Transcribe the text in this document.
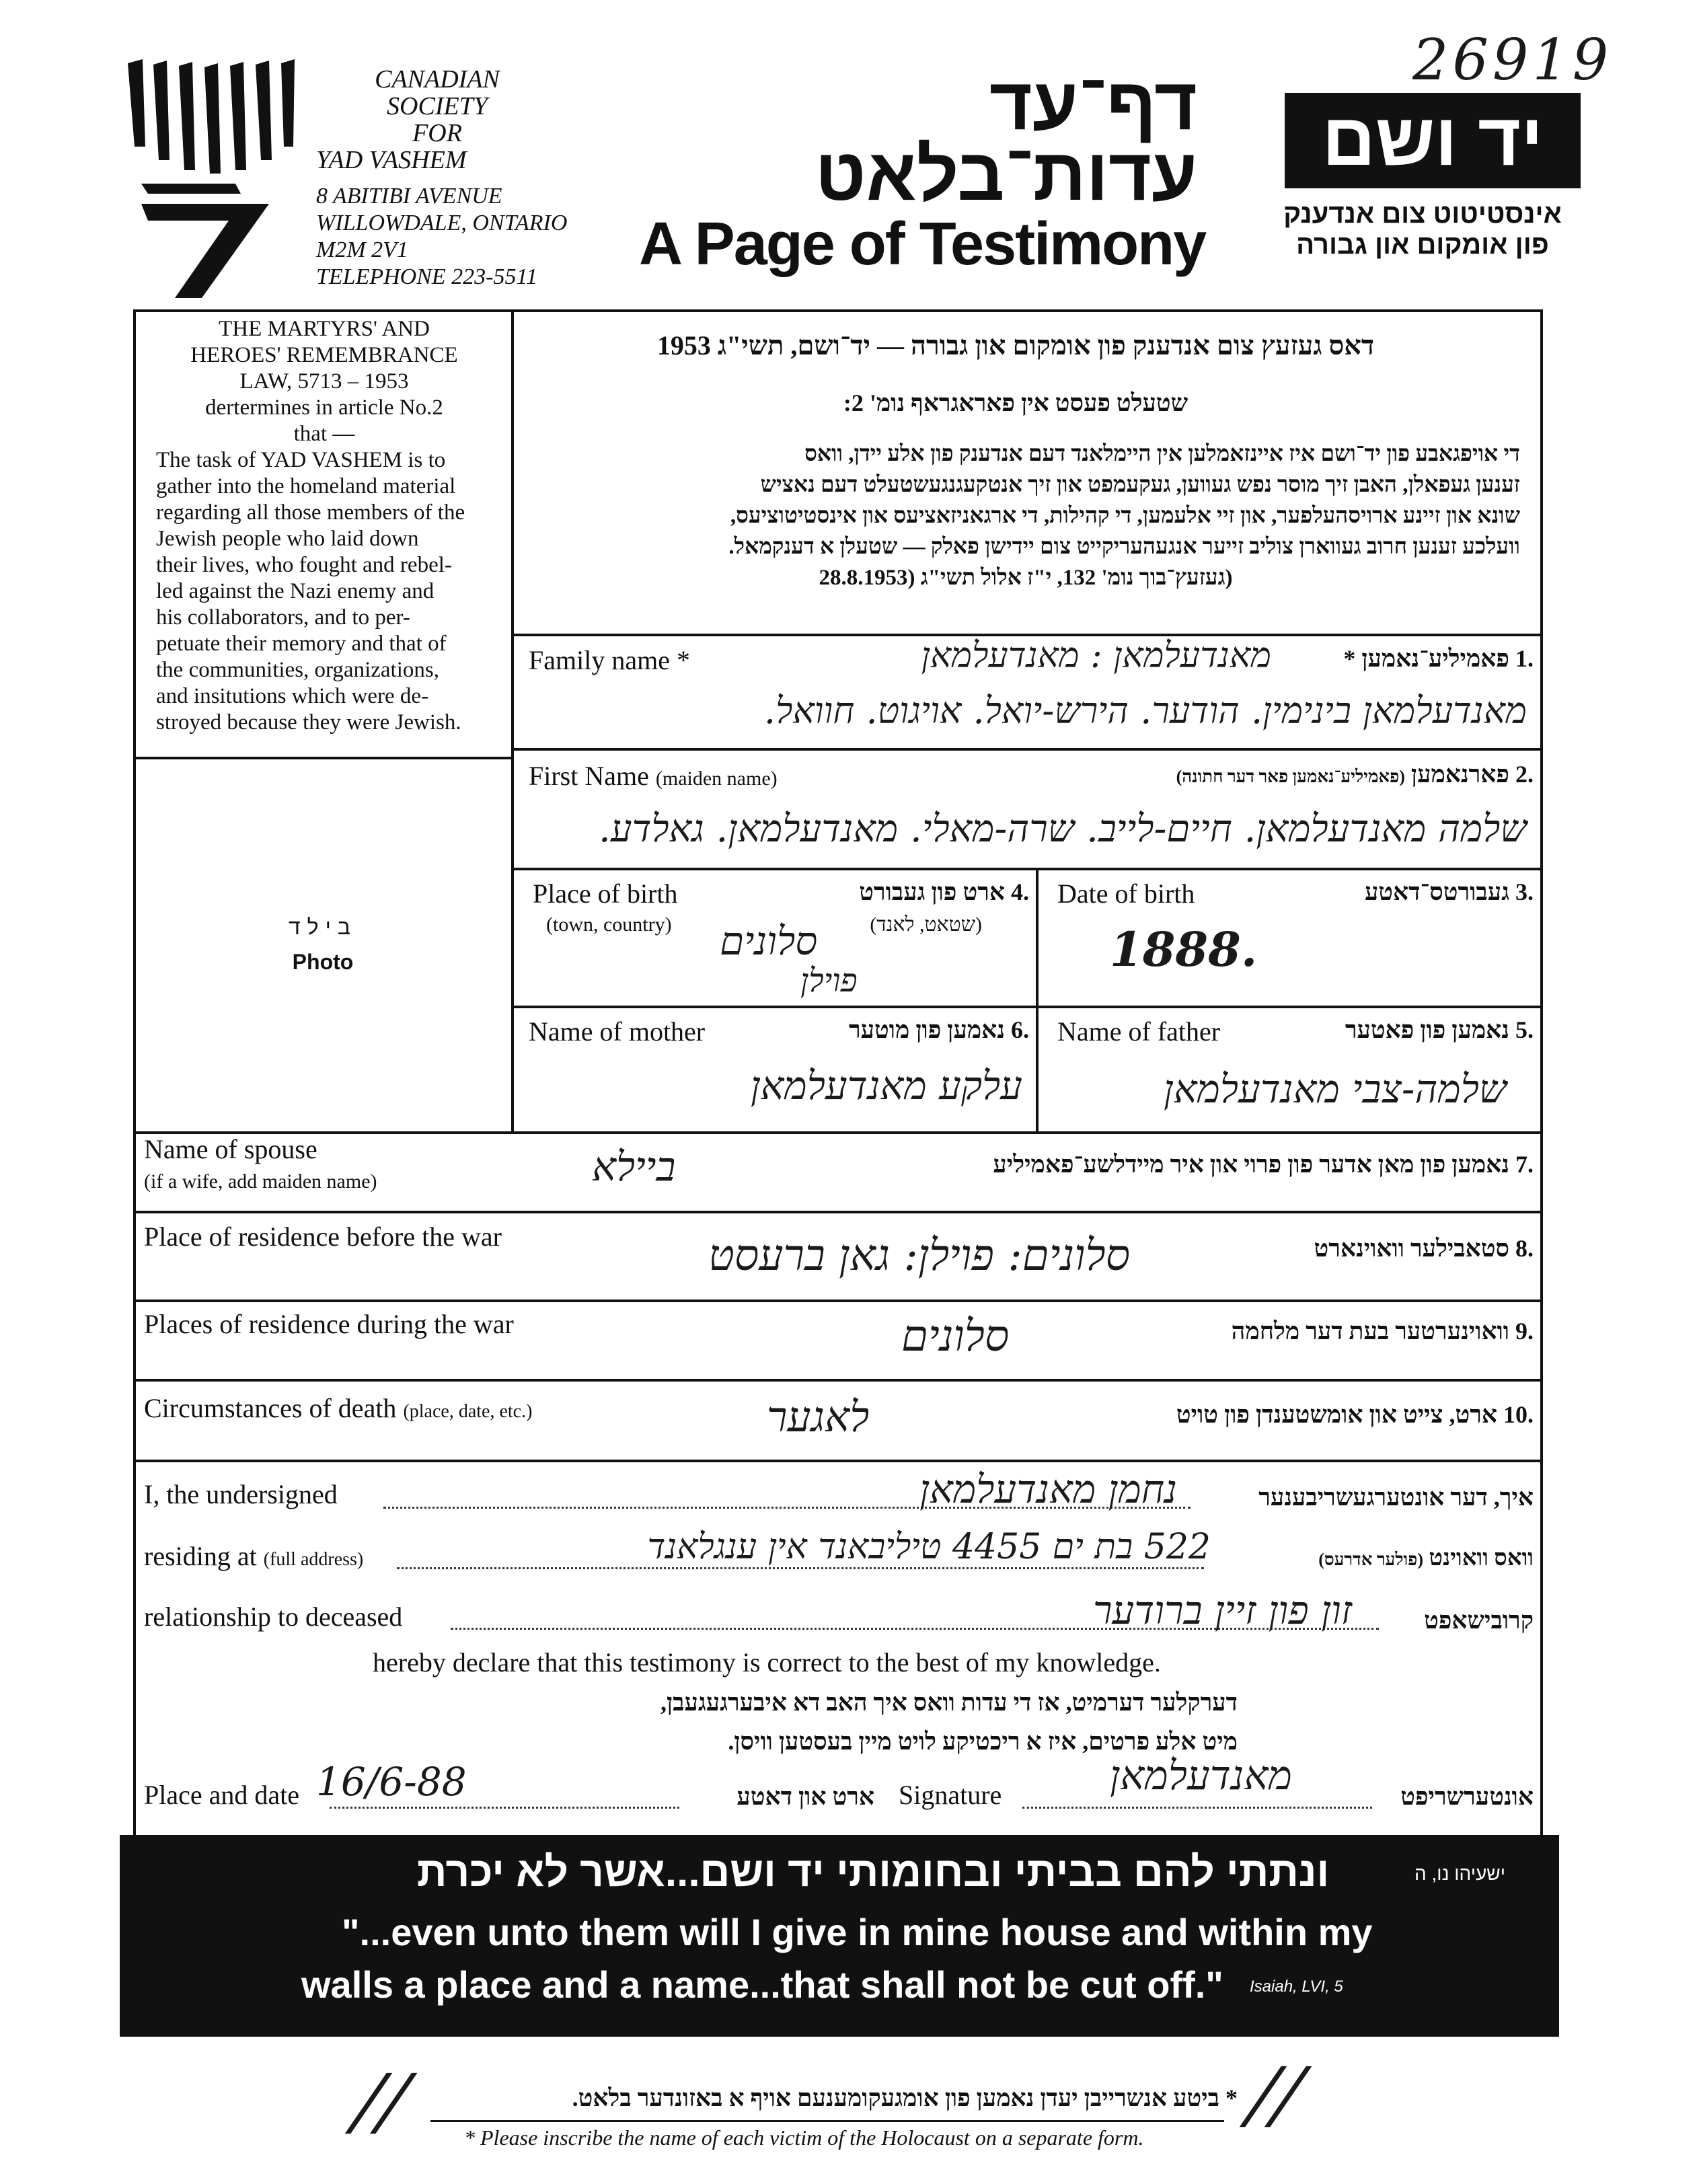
26919
CANADIAN
SOCIETY
FOR
YAD VASHEM
8 ABITIBI AVENUE
WILLOWDALE, ONTARIO
M2M 2V1
TELEPHONE 223-5511
דף־עד
עדות־בלאט
A Page of Testimony
יד ושם
אינסטיטוט צום אנדענק
פון אומקום און גבורה
THE MARTYRS' AND
HEROES' REMEMBRANCE
LAW, 5713 – 1953
dertermines in article No.2
that —
The task of YAD VASHEM is to
gather into the homeland material
regarding all those members of the
Jewish people who laid down
their lives, who fought and rebel-
led against the Nazi enemy and
his collaborators, and to per-
petuate their memory and that of
the communities, organizations,
and insitutions which were de-
stroyed because they were Jewish.
בילד
Photo
דאס געזעץ צום אנדענק פון אומקום און גבורה — יד־ושם, תשי"ג 1953
שטעלט פעסט אין פאראגראף נומ' 2:
די אויפגאבע פון יד־ושם איז איינזאמלען אין היימלאנד דעם אנדענק פון אלע יידן, וואס
זענען געפאלן, האבן זיך מוסר נפש געווען, געקעמפט און זיך אנטקעגנגעשטעלט דעם נאציש
שונא און זיינע ארויסהעלפער, און זיי אלעמען, די קהילות, די ארגאניזאציעס און אינסטיטוציעס,
וועלכע זענען חרוב געווארן צוליב זייער אנגעהעריקייט צום יידישן פאלק — שטעלן א דענקמאל.
(געזעץ־בוך נומ' 132, י"ז אלול תשי"ג (28.8.1953
Family name *	.1 פאמיליע־נאמען *
מאנדעלמאן : מאנדעלמאן
מאנדעלמאן בינימין. הודער. הירש-יואל. אויגוט. חוואל.
First Name (maiden name)	.2 פארנאמען (פאמיליע־נאמען פאר דער חתונה)
שלמה מאנדעלמאן. חיים-לייב. שרה-מאלי. מאנדעלמאן. גאלדע.
Place of birth
(town, country)
.4 ארט פון געבורט
(שטאט, לאנד)
סלונים
פוילן
Date of birth	.3 געבורטס־דאטע
1888.
Name of mother	.6 נאמען פון מוטער
עלקע מאנדעלמאן
Name of father	.5 נאמען פון פאטער
שלמה-צבי מאנדעלמאן
Name of spouse
(if a wife, add maiden name)
.7 נאמען פון מאן אדער פון פרוי און איר מיידלשע־פאמיליע
ביילא
Place of residence before the war	.8 סטאבילער וואוינארט
סלונים: פוילן: גאן ברעסט
Places of residence during the war	.9 וואוינערטער בעת דער מלחמה
סלונים
Circumstances of death (place, date, etc.)	.10 ארט, צייט און אומשטענדן פון טויט
לאגער
I, the undersigned	נחמן מאנדעלמאן	איך, דער אונטערגעשריבענער
residing at (full address)	522 בת ים 4455 טיליבאנד אין ענגלאנד	וואס וואוינט (פולער אדרעס)
relationship to deceased	זון פון זיין ברודער	קרובישאפט
hereby declare that this testimony is correct to the best of my knowledge.
דערקלער דערמיט, אז די עדות וואס איך האב דא איבערגעגעבן,
מיט אלע פרטים, איז א ריכטיקע לויט מיין בעסטען וויסן.
Place and date 16/6-88	ארט און דאטע Signature	מאנדעלמאן	אונטערשריפט
ישעיהו נו, ה
ונתתי להם בביתי ובחומותי יד ושם...אשר לא יכרת
"...even unto them will I give in mine house and within my
walls a place and a name...that shall not be cut off." Isaiah, LVI, 5
//	//
* ביטע אנשרייבן יעדן נאמען פון אומגעקומענעם אויף א באזונדער בלאט.
* Please inscribe the name of each victim of the Holocaust on a separate form.
